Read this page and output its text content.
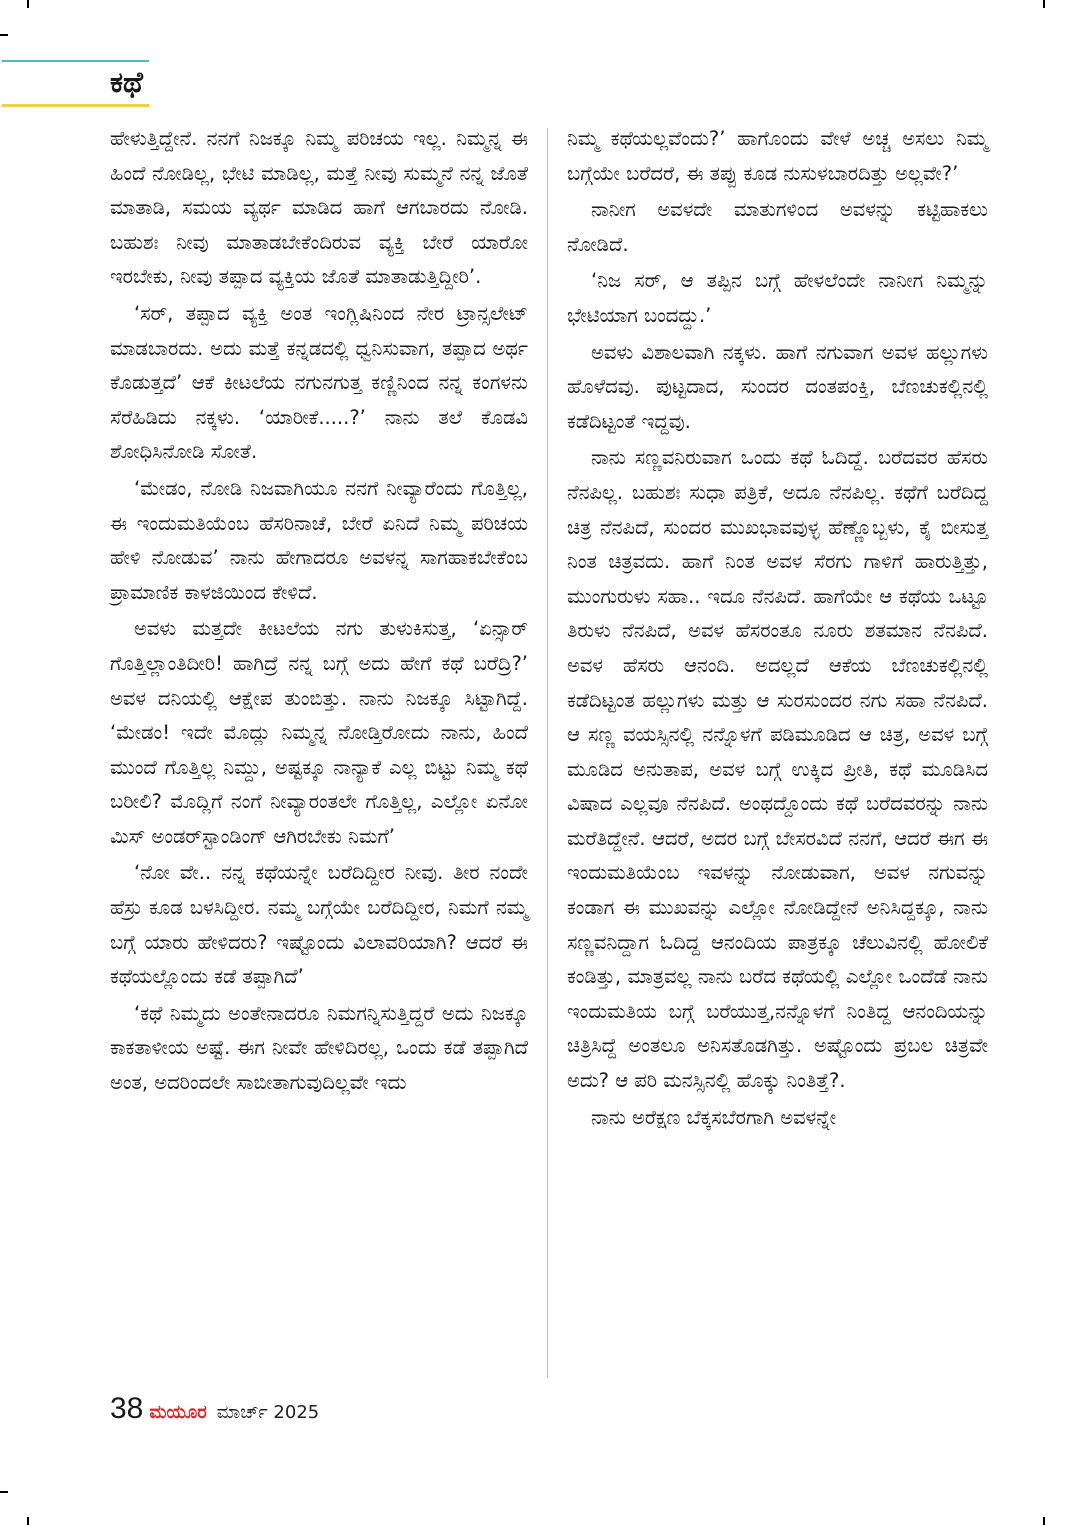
ಕಥೆ

ಹೇಳುತ್ತಿದ್ದೇನೆ. ನನಗೆ ನಿಜಕ್ಕೂ ನಿಮ್ಮ ಪರಿಚಯ ಇಲ್ಲ. ನಿಮ್ಮನ್ನ ಈ ಹಿಂದೆ ನೋಡಿಲ್ಲ, ಭೇಟಿ ಮಾಡಿಲ್ಲ, ಮತ್ತೆ ನೀವು ಸುಮ್ಮನೆ ನನ್ನ ಜೊತೆ ಮಾತಾಡಿ, ಸಮಯ ವ್ಯರ್ಥ ಮಾಡಿದ ಹಾಗೆ ಆಗಬಾರದು ನೋಡಿ. ಬಹುಶಃ ನೀವು ಮಾತಾಡಬೇಕೆಂದಿರುವ ವ್ಯಕ್ತಿ ಬೇರೆ ಯಾರೋ ಇರಬೇಕು, ನೀವು ತಪ್ಪಾದ ವ್ಯಕ್ತಿಯ ಜೊತೆ ಮಾತಾಡುತ್ತಿದ್ದೀರಿ’.

‘ಸರ್, ತಪ್ಪಾದ ವ್ಯಕ್ತಿ ಅಂತ ಇಂಗ್ಲಿಷಿನಿಂದ ನೇರ ಟ್ರಾನ್ಸಲೇಟ್ ಮಾಡಬಾರದು. ಅದು ಮತ್ತೆ ಕನ್ನಡದಲ್ಲಿ ಧ್ವನಿಸುವಾಗ, ತಪ್ಪಾದ ಅರ್ಥ ಕೊಡುತ್ತದೆ’ ಆಕೆ ಕೀಟಲೆಯ ನಗುನಗುತ್ತ ಕಣ್ಣಿನಿಂದ ನನ್ನ ಕಂಗಳನು ಸೆರೆಹಿಡಿದು ನಕ್ಕಳು. ‘ಯಾರೀಕೆ.....?’ ನಾನು ತಲೆ ಕೊಡವಿ ಶೋಧಿಸಿನೋಡಿ ಸೋತೆ.

‘ಮೇಡಂ, ನೋಡಿ ನಿಜವಾಗಿಯೂ ನನಗೆ ನೀವ್ಯಾರೆಂದು ಗೊತ್ತಿಲ್ಲ, ಈ ಇಂದುಮತಿಯೆಂಬ ಹೆಸರಿನಾಚೆ, ಬೇರೆ ಏನಿದೆ ನಿಮ್ಮ ಪರಿಚಯ ಹೇಳಿ ನೋಡುವ’ ನಾನು ಹೇಗಾದರೂ ಅವಳನ್ನ ಸಾಗಹಾಕಬೇಕೆಂಬ ಪ್ರಾಮಾಣಿಕ ಕಾಳಜಿಯಿಂದ ಕೇಳಿದೆ.

ಅವಳು ಮತ್ತದೇ ಕೀಟಲೆಯ ನಗು ತುಳುಕಿಸುತ್ತ, ‘ಏನ್ಸಾರ್ ಗೊತ್ತಿಲ್ಲಾಂತಿದೀರಿ! ಹಾಗಿದ್ರೆ ನನ್ನ ಬಗ್ಗೆ ಅದು ಹೇಗೆ ಕಥೆ ಬರೆದ್ರಿ?’ ಅವಳ ದನಿಯಲ್ಲಿ ಆಕ್ಷೇಪ ತುಂಬಿತ್ತು. ನಾನು ನಿಜಕ್ಕೂ ಸಿಟ್ಟಾಗಿದ್ದೆ. ‘ಮೇಡಂ! ಇದೇ ಮೊದ್ಲು ನಿಮ್ಮನ್ನ ನೋಡ್ತಿರೋದು ನಾನು, ಹಿಂದೆ ಮುಂದೆ ಗೊತ್ತಿಲ್ಲ ನಿಮ್ದು, ಅಷ್ಟಕ್ಕೂ ನಾನ್ಯಾಕೆ ಎಲ್ಲ ಬಿಟ್ಟು ನಿಮ್ಮ ಕಥೆ ಬರೀಲಿ? ಮೊದ್ಲಿಗೆ ನಂಗೆ ನೀವ್ಯಾರಂತಲೇ ಗೊತ್ತಿಲ್ಲ, ಎಲ್ಲೋ ಏನೋ ಮಿಸ್ ಅಂಡರ್‌ಸ್ಟಾಂಡಿಂಗ್ ಆಗಿರಬೇಕು ನಿಮಗೆ’

‘ನೋ ವೇ.. ನನ್ನ ಕಥೆಯನ್ನೇ ಬರೆದಿದ್ದೀರ ನೀವು. ತೀರ ನಂದೇ ಹೆಸ್ರು ಕೂಡ ಬಳಸಿದ್ದೀರ. ನಮ್ಮ ಬಗ್ಗೆಯೇ ಬರೆದಿದ್ದೀರ, ನಿಮಗೆ ನಮ್ಮ ಬಗ್ಗೆ ಯಾರು ಹೇಳಿದರು? ಇಷ್ಟೊಂದು ವಿಲಾವರಿಯಾಗಿ? ಆದರೆ ಈ ಕಥೆಯಲ್ಲೊಂದು ಕಡೆ ತಪ್ಪಾಗಿದೆ’

‘ಕಥೆ ನಿಮ್ಮದು ಅಂತೇನಾದರೂ ನಿಮಗನ್ನಿಸುತ್ತಿದ್ದರೆ ಅದು ನಿಜಕ್ಕೂ ಕಾಕತಾಳೀಯ ಅಷ್ಟೆ. ಈಗ ನೀವೇ ಹೇಳಿದಿರಲ್ಲ, ಒಂದು ಕಡೆ ತಪ್ಪಾಗಿದೆ ಅಂತ, ಅದರಿಂದಲೇ ಸಾಬೀತಾಗುವುದಿಲ್ಲವೇ ಇದು

ನಿಮ್ಮ ಕಥೆಯಲ್ಲವೆಂದು?’ ಹಾಗೊಂದು ವೇಳೆ ಅಚ್ಚ ಅಸಲು ನಿಮ್ಮ ಬಗ್ಗೆಯೇ ಬರೆದರೆ, ಈ ತಪ್ಪು ಕೂಡ ನುಸುಳಬಾರದಿತ್ತು ಅಲ್ಲವೇ?’

ನಾನೀಗ ಅವಳದೇ ಮಾತುಗಳಿಂದ ಅವಳನ್ನು ಕಟ್ಟಿಹಾಕಲು ನೋಡಿದೆ.

‘ನಿಜ ಸರ್, ಆ ತಪ್ಪಿನ ಬಗ್ಗೆ ಹೇಳಲೆಂದೇ ನಾನೀಗ ನಿಮ್ಮನ್ನು ಭೇಟಿಯಾಗ ಬಂದದ್ದು.’

ಅವಳು ವಿಶಾಲವಾಗಿ ನಕ್ಕಳು. ಹಾಗೆ ನಗುವಾಗ ಅವಳ ಹಲ್ಲುಗಳು ಹೊಳೆದವು. ಪುಟ್ಟದಾದ, ಸುಂದರ ದಂತಪಂಕ್ತಿ, ಬೆಣಚುಕಲ್ಲಿನಲ್ಲಿ ಕಡೆದಿಟ್ಟಂತೆ ಇದ್ದವು.

ನಾನು ಸಣ್ಣವನಿರುವಾಗ ಒಂದು ಕಥೆ ಓದಿದ್ದೆ. ಬರೆದವರ ಹೆಸರು ನೆನಪಿಲ್ಲ. ಬಹುಶಃ ಸುಧಾ ಪತ್ರಿಕೆ, ಅದೂ ನೆನಪಿಲ್ಲ. ಕಥೆಗೆ ಬರೆದಿದ್ದ ಚಿತ್ರ ನೆನಪಿದೆ, ಸುಂದರ ಮುಖಭಾವವುಳ್ಳ ಹೆಣ್ಣೊಬ್ಬಳು, ಕೈ ಬೀಸುತ್ತ ನಿಂತ ಚಿತ್ರವದು. ಹಾಗೆ ನಿಂತ ಅವಳ ಸೆರಗು ಗಾಳಿಗೆ ಹಾರುತ್ತಿತ್ತು, ಮುಂಗುರುಳು ಸಹಾ.. ಇದೂ ನೆನಪಿದೆ. ಹಾಗೆಯೇ ಆ ಕಥೆಯ ಒಟ್ಟೂ ತಿರುಳು ನೆನಪಿದೆ, ಅವಳ ಹೆಸರಂತೂ ನೂರು ಶತಮಾನ ನೆನಪಿದೆ. ಅವಳ ಹೆಸರು ಆನಂದಿ. ಅದಲ್ಲದೆ ಆಕೆಯ ಬೆಣಚುಕಲ್ಲಿನಲ್ಲಿ ಕಡೆದಿಟ್ಟಂತ ಹಲ್ಲುಗಳು ಮತ್ತು ಆ ಸುರಸುಂದರ ನಗು ಸಹಾ ನೆನಪಿದೆ. ಆ ಸಣ್ಣ ವಯಸ್ಸಿನಲ್ಲಿ ನನ್ನೊಳಗೆ ಪಡಿಮೂಡಿದ ಆ ಚಿತ್ರ, ಅವಳ ಬಗ್ಗೆ ಮೂಡಿದ ಅನುತಾಪ, ಅವಳ ಬಗ್ಗೆ ಉಕ್ಕಿದ ಪ್ರೀತಿ, ಕಥೆ ಮೂಡಿಸಿದ ವಿಷಾದ ಎಲ್ಲವೂ ನೆನಪಿದೆ. ಅಂಥದ್ದೊಂದು ಕಥೆ ಬರೆದವರನ್ನು ನಾನು ಮರೆತಿದ್ದೇನೆ. ಆದರೆ, ಅದರ ಬಗ್ಗೆ ಬೇಸರವಿದೆ ನನಗೆ, ಆದರೆ ಈಗ ಈ ಇಂದುಮತಿಯೆಂಬ ಇವಳನ್ನು ನೋಡುವಾಗ, ಅವಳ ನಗುವನ್ನು ಕಂಡಾಗ ಈ ಮುಖವನ್ನು ಎಲ್ಲೋ ನೋಡಿದ್ದೇನೆ ಅನಿಸಿದ್ದಕ್ಕೂ, ನಾನು ಸಣ್ಣವನಿದ್ದಾಗ ಓದಿದ್ದ ಆನಂದಿಯ ಪಾತ್ರಕ್ಕೂ ಚೆಲುವಿನಲ್ಲಿ ಹೋಲಿಕೆ ಕಂಡಿತ್ತು, ಮಾತ್ರವಲ್ಲ ನಾನು ಬರೆದ ಕಥೆಯಲ್ಲಿ ಎಲ್ಲೋ ಒಂದೆಡೆ ನಾನು ಇಂದುಮತಿಯ ಬಗ್ಗೆ ಬರೆಯುತ್ತ,ನನ್ನೊಳಗೆ ನಿಂತಿದ್ದ ಆನಂದಿಯನ್ನು ಚಿತ್ರಿಸಿದ್ದೆ ಅಂತಲೂ ಅನಿಸತೊಡಗಿತ್ತು. ಅಷ್ಟೊಂದು ಪ್ರಬಲ ಚಿತ್ರವೇ ಅದು? ಆ ಪರಿ ಮನಸ್ಸಿನಲ್ಲಿ ಹೊಕ್ಕು ನಿಂತಿತ್ತೆ?.

ನಾನು ಅರೆಕ್ಷಣ ಬೆಕ್ಕಸಬೆರಗಾಗಿ ಅವಳನ್ನೇ

38 ಮಯೂರ ಮಾರ್ಚ್ 2025
